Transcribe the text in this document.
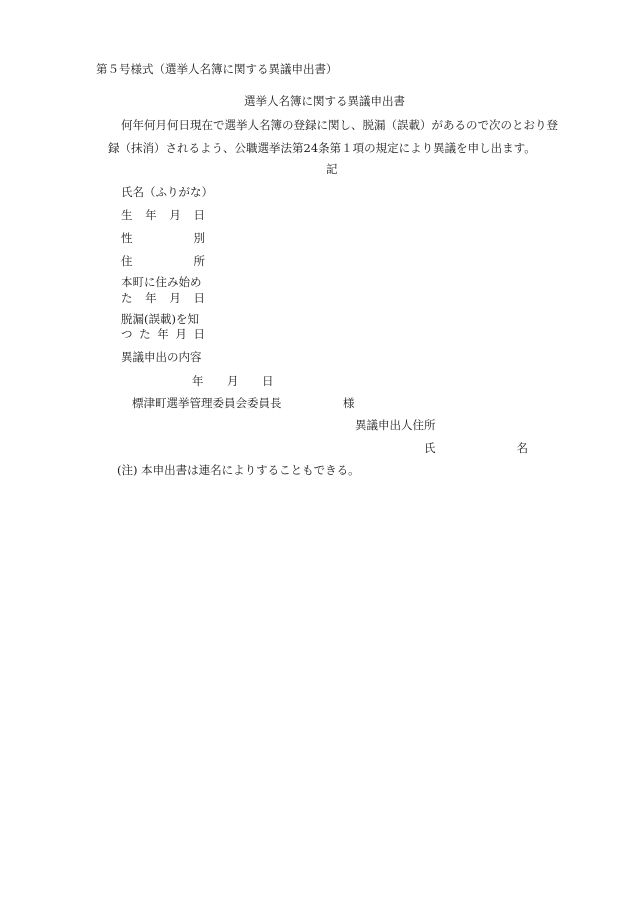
第５号様式（選挙人名簿に関する異議申出書）
選挙人名簿に関する異議申出書
何年何月何日現在で選挙人名簿の登録に関し、脱漏（誤載）があるので次のとおり登
録（抹消）されるよう、公職選挙法第24条第１項の規定により異議を申し出ます。
記
氏名（ふりがな）
生 年 月 日
性	別
住	所
本町に住み始め
た 年 月 日
脱漏(誤載)を知
つ た 年 月 日
異議申出の内容
年 月 日
標津町選挙管理委員会委員長	様
異議申出人住所
氏	名
(注) 本申出書は連名によりすることもできる。
